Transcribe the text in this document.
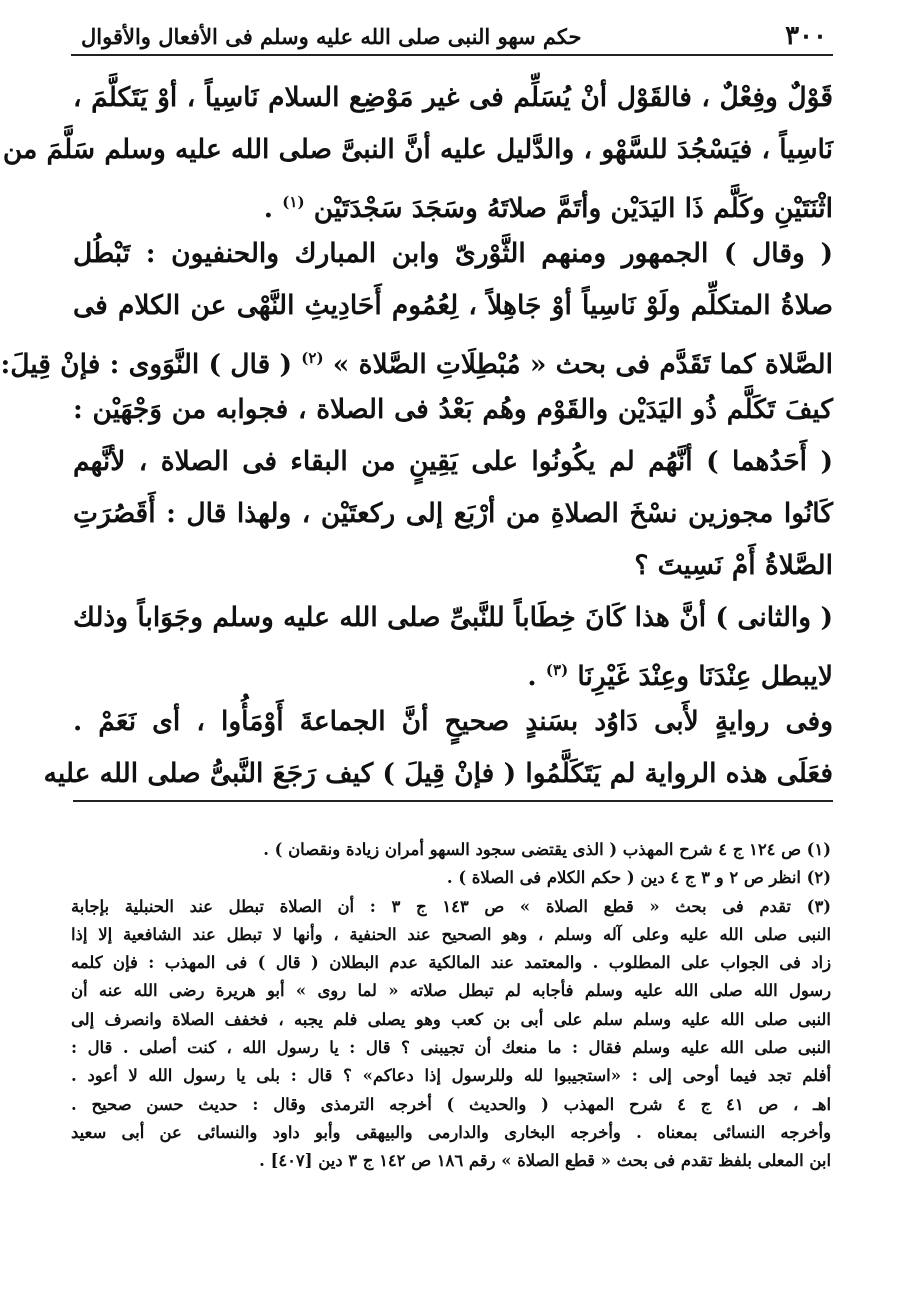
٣٠٠
حكم سهو النبى صلى الله عليه وسلم فى الأفعال والأقوال
قَوْلٌ وفِعْلٌ ، فالقَوْل أنْ يُسَلِّم فى غير مَوْضِع السلام نَاسِياً ، أوْ يَتَكلَّمَ ،
نَاسِياً ، فيَسْجُدَ للسَّهْو ، والدَّليل عليه أنَّ النبىَّ صلى الله عليه وسلم سَلَّمَ من
اثْنَتَيْنِ وكَلَّم ذَا اليَدَيْن وأتَمَّ صلاتَهُ وسَجَدَ سَجْدَتَيْن $^{(١)}$ .
( وقال ) الجمهور ومنهم الثَّوْرىّ وابن المبارك والحنفيون : تَبْطُل
صلاةُ المتكلِّم ولَوْ نَاسِياً أوْ جَاهِلاً ، لِعُمُوم أَحَادِيثِ النَّهْى عن الكلام فى
الصَّلاة كما تَقَدَّم فى بحث « مُبْطِلَاتِ الصَّلاة » $^{(٢)}$ ( قال ) النَّوَوى : فإنْ قِيلَ:
كيفَ تَكَلَّم ذُو اليَدَيْن والقَوْم وهُم بَعْدُ فى الصلاة ، فجوابه من وَجْهَيْن :
( أَحَدُهما ) أنَّهُم لم يكُونُوا على يَقِينٍ من البقاء فى الصلاة ، لأنَّهم
كَانُوا مجوزين نسْخَ الصلاةِ من أرْبَع إلى ركعتَيْن ، ولهذا قال : أَقَصُرَتِ
الصَّلاةُ أَمْ نَسِيتَ ؟
( والثانى ) أنَّ هذا كَانَ خِطَاباً للنَّبىِّ صلى الله عليه وسلم وجَوَاباً وذلك
لايبطل عِنْدَنَا وعِنْدَ غَيْرِنَا $^{(٣)}$ .
وفى روايةٍ لأَبى دَاوُد بسَندٍ صحيحٍ أنَّ الجماعةَ أَوْمَأُوا ، أى نَعَمْ .
فعَلَى هذه الرواية لم يَتَكَلَّمُوا ( فإنْ قِيلَ ) كيف رَجَعَ النَّبىُّ صلى الله عليه
(١) ص ١٢٤ ج ٤ شرح المهذب ( الذى يقتضى سجود السهو أمران زيادة ونقصان ) .
(٢) انظر ص ٢ و ٣ ج ٤ دين ( حكم الكلام فى الصلاة ) .
(٣) تقدم فى بحث « قطع الصلاة » ص ١٤٣ ج ٣ : أن الصلاة تبطل عند الحنبلية بإجابة
النبى صلى الله عليه وعلى آله وسلم ، وهو الصحيح عند الحنفية ، وأنها لا تبطل عند الشافعية إلا إذا
زاد فى الجواب على المطلوب . والمعتمد عند المالكية عدم البطلان ( قال ) فى المهذب : فإن كلمه
رسول الله صلى الله عليه وسلم فأجابه لم تبطل صلاته « لما روى » أبو هريرة رضى الله عنه أن
النبى صلى الله عليه وسلم سلم على أبى بن كعب وهو يصلى فلم يجبه ، فخفف الصلاة وانصرف إلى
النبى صلى الله عليه وسلم فقال : ما منعك أن تجيبنى ؟ قال : يا رسول الله ، كنت أصلى . قال :
أفلم تجد فيما أوحى إلى : «استجيبوا لله وللرسول إذا دعاكم» ؟ قال : بلى يا رسول الله لا أعود .
اهـ ، ص ٤١ ج ٤ شرح المهذب ( والحديث ) أخرجه الترمذى وقال : حديث حسن صحيح .
وأخرجه النسائى بمعناه . وأخرجه البخارى والدارمى والبيهقى وأبو داود والنسائى عن أبى سعيد
ابن المعلى بلفظ تقدم فى بحث « قطع الصلاة » رقم ١٨٦ ص ١٤٢ ج ٣ دين [٤٠٧] .
